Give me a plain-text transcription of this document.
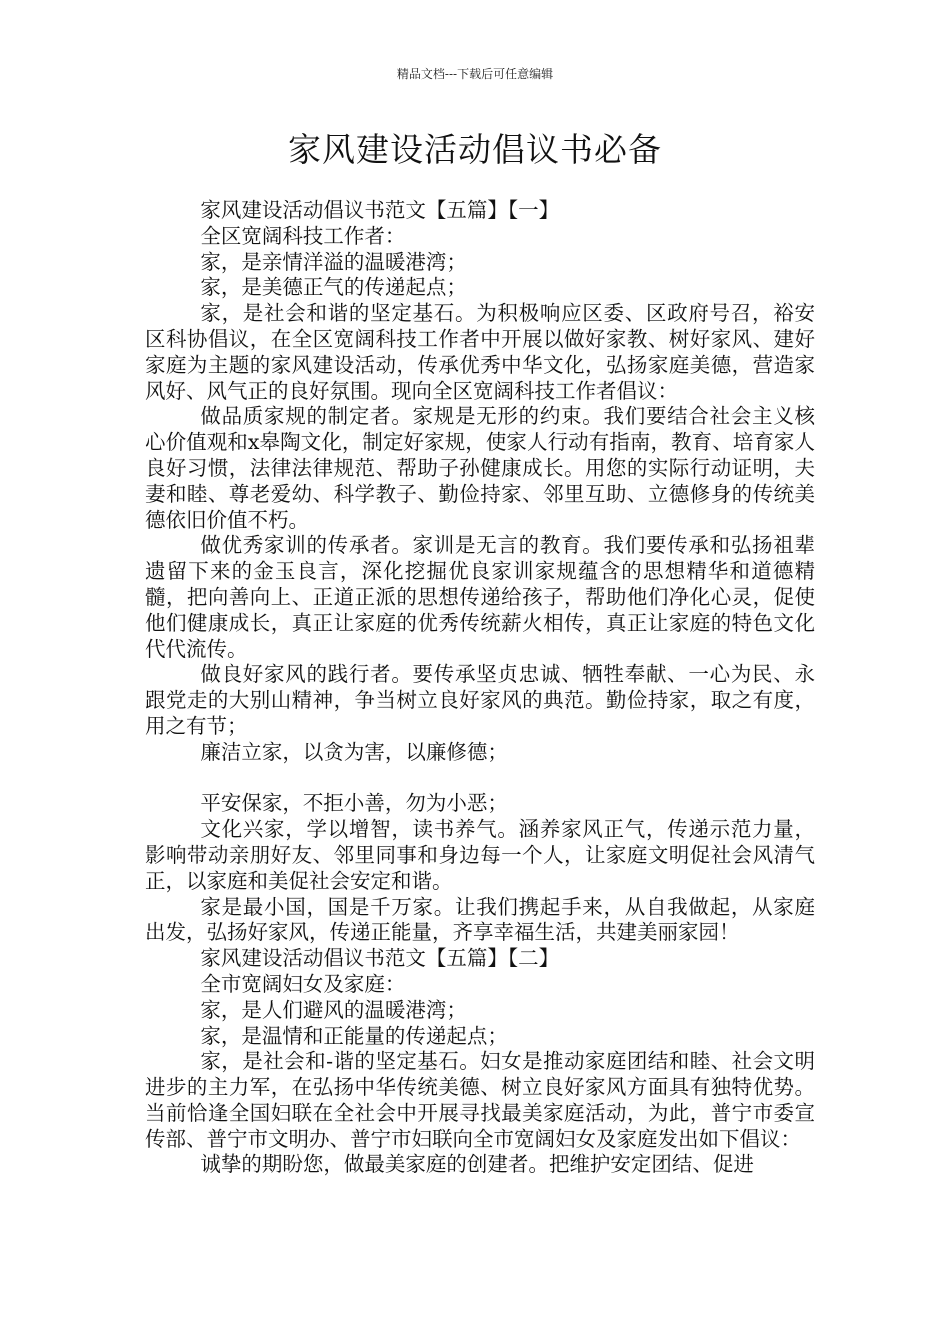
精品文档---下载后可任意编辑
家风建设活动倡议书必备

家风建设活动倡议书范文【五篇】【一】

全区宽阔科技工作者：

家，是亲情洋溢的温暖港湾；

家，是美德正气的传递起点；

家，是社会和谐的坚定基石。为积极响应区委、区政府号召，裕安区科协倡议，在全区宽阔科技工作者中开展以做好家教、树好家风、建好家庭为主题的家风建设活动，传承优秀中华文化，弘扬家庭美德，营造家风好、风气正的良好氛围。现向全区宽阔科技工作者倡议：

做品质家规的制定者。家规是无形的约束。我们要结合社会主义核心价值观和x皋陶文化，制定好家规，使家人行动有指南，教育、培育家人良好习惯，法律法律规范、帮助子孙健康成长。用您的实际行动证明，夫妻和睦、尊老爱幼、科学教子、勤俭持家、邻里互助、立德修身的传统美德依旧价值不朽。

做优秀家训的传承者。家训是无言的教育。我们要传承和弘扬祖辈遗留下来的金玉良言，深化挖掘优良家训家规蕴含的思想精华和道德精髓，把向善向上、正道正派的思想传递给孩子，帮助他们净化心灵，促使他们健康成长，真正让家庭的优秀传统薪火相传，真正让家庭的特色文化代代流传。

做良好家风的践行者。要传承坚贞忠诚、牺牲奉献、一心为民、永跟党走的大别山精神，争当树立良好家风的典范。勤俭持家，取之有度，用之有节；

廉洁立家，以贪为害，以廉修德；

平安保家，不拒小善，勿为小恶；

文化兴家，学以增智，读书养气。涵养家风正气，传递示范力量，影响带动亲朋好友、邻里同事和身边每一个人，让家庭文明促社会风清气正，以家庭和美促社会安定和谐。

家是最小国，国是千万家。让我们携起手来，从自我做起，从家庭出发，弘扬好家风，传递正能量，齐享幸福生活，共建美丽家园！

家风建设活动倡议书范文【五篇】【二】

全市宽阔妇女及家庭：

家，是人们避风的温暖港湾；

家，是温情和正能量的传递起点；

家，是社会和-谐的坚定基石。妇女是推动家庭团结和睦、社会文明进步的主力军，在弘扬中华传统美德、树立良好家风方面具有独特优势。当前恰逢全国妇联在全社会中开展寻找最美家庭活动，为此，普宁市委宣传部、普宁市文明办、普宁市妇联向全市宽阔妇女及家庭发出如下倡议：

诚挚的期盼您，做最美家庭的创建者。把维护安定团结、促进
